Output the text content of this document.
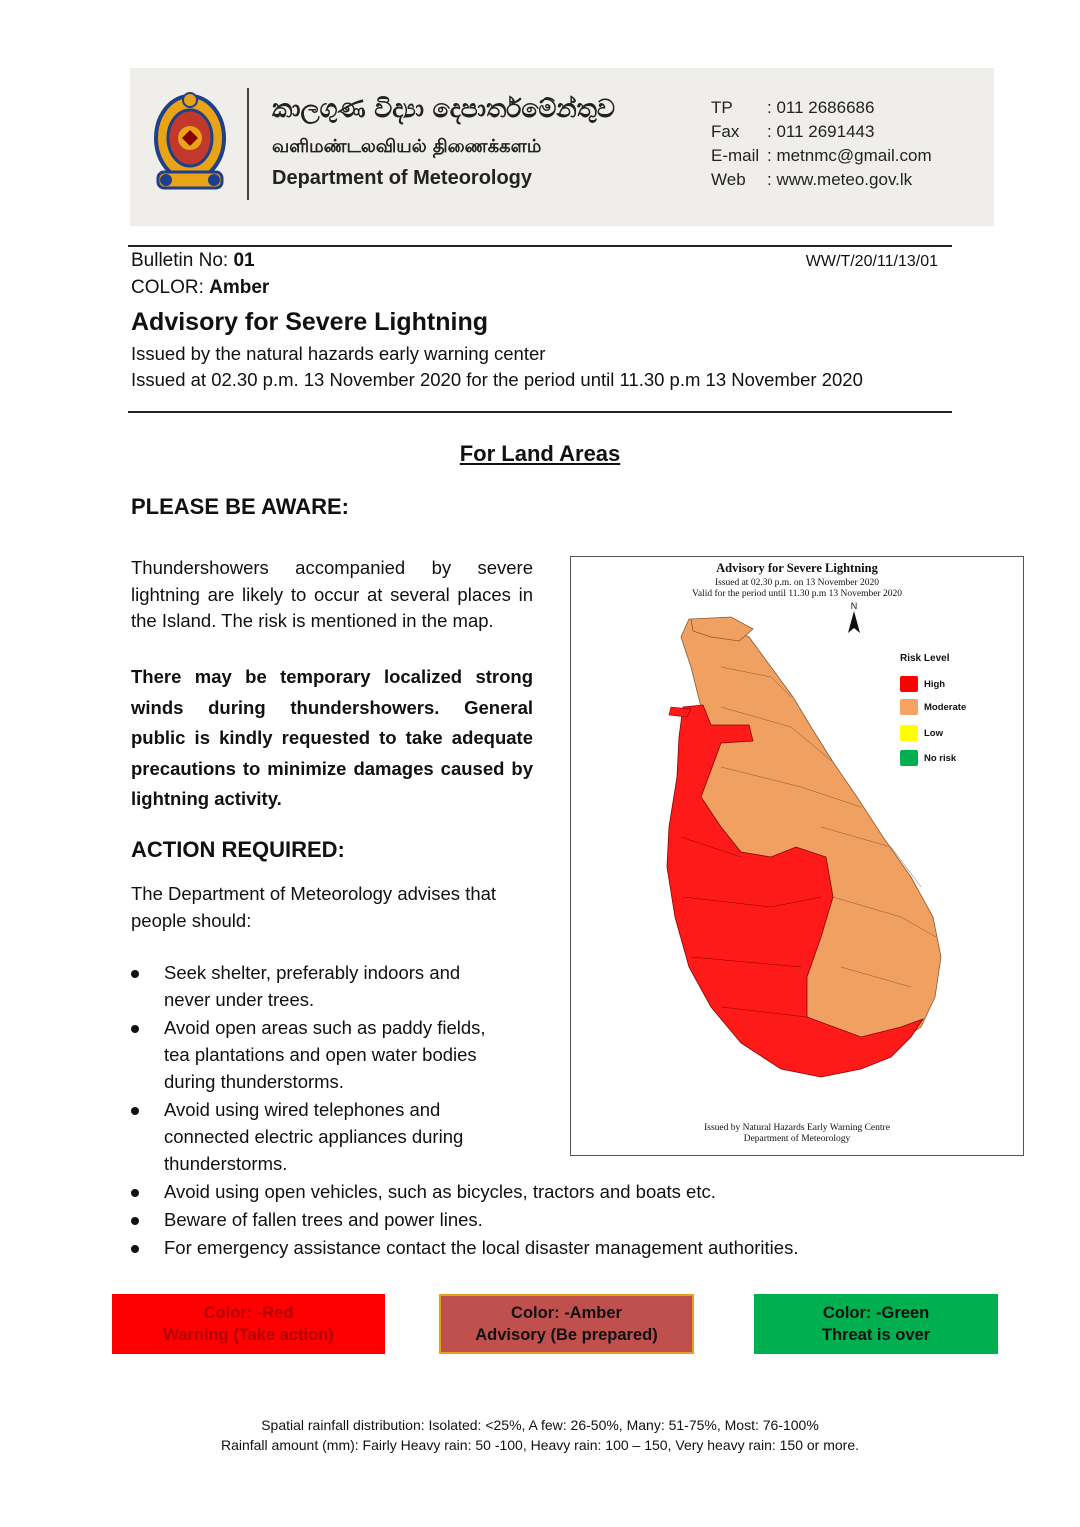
කාලගුණ විද්‍යා දෙපාර්තමේන්තුව
வளிமண்டலவியல் திணைக்களம்
Department of Meteorology
TP	: 011 2686686
Fax	: 011 2691443
E-mail : metnmc@gmail.com
Web	: www.meteo.gov.lk
Bulletin No: 01	WW/T/20/11/13/01
COLOR: Amber
Advisory for Severe Lightning
Issued by the natural hazards early warning center
Issued at 02.30 p.m. 13 November 2020 for the period until 11.30 p.m 13 November 2020
For Land Areas
PLEASE BE AWARE:
Thundershowers accompanied by severe lightning are likely to occur at several places in the Island. The risk is mentioned in the map.
There may be temporary localized strong winds during thundershowers. General public is kindly requested to take adequate precautions to minimize damages caused by lightning activity.
ACTION REQUIRED:
The Department of Meteorology advises that people should:
Seek shelter, preferably indoors and never under trees.
Avoid open areas such as paddy fields, tea plantations and open water bodies during thunderstorms.
Avoid using wired telephones and connected electric appliances during thunderstorms.
Avoid using open vehicles, such as bicycles, tractors and boats etc.
Beware of fallen trees and power lines.
For emergency assistance contact the local disaster management authorities.
Advisory for Severe Lightning
Issued at 02.30 p.m. on 13 November 2020
Valid for the period until 11.30 p.m 13 November 2020
N
Risk Level
High
Moderate
Low
No risk
Issued by Natural Hazards Early Warning Centre
Department of Meteorology
Color: -Red
Warning (Take action)
Color: -Amber
Advisory (Be prepared)
Color: -Green
Threat is over
Spatial rainfall distribution: Isolated: <25%, A few: 26-50%, Many: 51-75%, Most: 76-100%
Rainfall amount (mm): Fairly Heavy rain: 50 -100, Heavy rain: 100 – 150, Very heavy rain: 150 or more.
